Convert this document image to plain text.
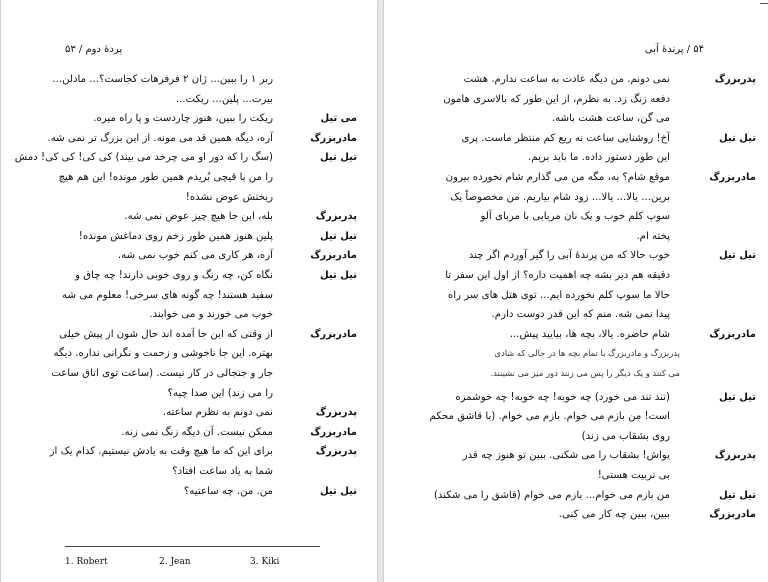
پردهٔ دوم / ۵۳
ربر ۱ را ببین... ژان ۲ فرفرهات کجاست؟... مادلن...
بیرت... پلین... ریکت...
می تیل
ریکت را ببین، هنوز چاردست و پا راه میره.
مادربزرگ
آره، دیگه همین قد می مونه. از این بزرگ تر نمی شه.
تیل تیل
(سگ را که دور او می چرخد می بیند) کی کی! کی کی! دمش
را من با قیچی بُریدم همین طور مونده! این هم هیچ
ریختش عوض نشده!
پدربزرگ
بله، این جا هیچ چیز عوض نمی شه.
تیل تیل
پلین هنوز همین طور زخم روی دماغش مونده!
مادربزرگ
آره، هر کاری می کنم خوب نمی شه.
تیل تیل
نگاه کن، چه رنگ و روی خوبی دارند! چه چاق و
سفید هستند! چه گونه های سرخی! معلوم می شه
خوب می خورند و می خوابند.
مادربزرگ
از وقتی که این جا آمده اند حال شون از پیش خیلی
بهتره. این جا ناخوشی و زحمت و نگرانی نداره. دیگه
جار و جنجالی در کار نیست. (ساعت توی اتاق ساعت
را می زند) این صدا چیه؟
پدربزرگ
نمی دونم به نظرم ساعته.
مادربزرگ
ممکن نیست. آن دیگه زنگ نمی زنه.
پدربزرگ
برای این که ما هیچ وقت به یادش نیستیم. کدام یک از
شما به یاد ساعت افتاد؟
تیل تیل
من. من. چه ساعتیه؟
1. Robert	2. Jean	3. Kiki
۵۴ / پرندهٔ آبی
پدربزرگ
نمی دونم. من دیگه عادت به ساعت ندارم. هشت
دفعه زنگ زد. به نظرم، از این طور که بالاسری هامون
می گن، ساعت هشت باشه.
تیل تیل
آخ! روشنایی ساعت نه ریع کم منتظر ماست. پری
این طور دستور داده. ما باید بریم.
مادربزرگ
موقع شام؟ به، مگه من می گذارم شام نخورده بیرون
برین... یالا... یالا... زود شام بیاریم. من مخصوصاً یک
سوپ کلم خوب و یک نان مربایی با مربای آلو
پخته ام.
تیل تیل
خوب حالا که من پرندهٔ آبی را گیر آوردم اگر چند
دقیقه هم دیر بشه چه اهمیت داره؟ از اول این سفر تا
حالا ما سوپ کلم نخورده ایم... توی هتل های سر راه
پیدا نمی شه. منم که این قدر دوست دارم.
مادربزرگ
شام حاضره. یالا، بچه ها، بیایید پیش...
پدربزرگ و مادربزرگ با تمام بچه ها در حالی که شادی
می کنند و یک دیگر را پس می زنند دور میز می نشینند.
تیل تیل
(تند تند می خورد) چه خوبه! چه خوبه! چه خوشمزه
است! من بازم می خوام. بازم می خوام. (با قاشق محکم
روی بشقاب می زند)
پدربزرگ
یواش! بشقاب را می شکنی. ببین تو هنوز چه قدر
بی تربیت هستی!
تیل تیل
من بازم می خوام... بازم می خوام (قاشق را می شکند)
مادربزرگ
ببین، ببین چه کار می کنی.
